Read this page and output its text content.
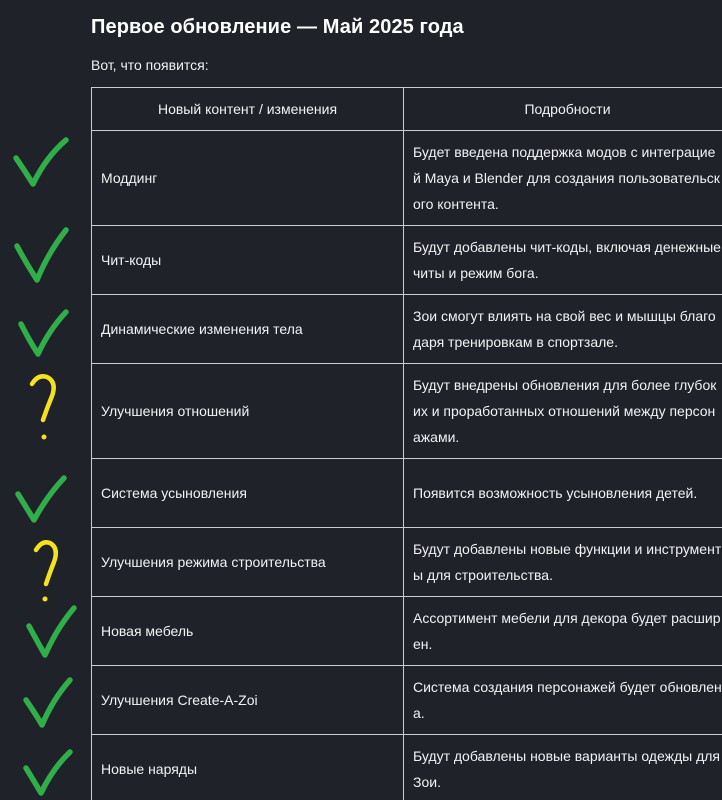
Первое обновление — Май 2025 года
Вот, что появится:
Новый контент / изменения	Подробности
Моддинг	Будет введена поддержка модов с интеграцией Maya и Blender для создания пользовательского контента.
Чит-коды	Будут добавлены чит-коды, включая денежные читы и режим бога.
Динамические изменения тела	Зои смогут влиять на свой вес и мышцы благодаря тренировкам в спортзале.
Улучшения отношений	Будут внедрены обновления для более глубоких и проработанных отношений между персонажами.
Система усыновления	Появится возможность усыновления детей.
Улучшения режима строительства	Будут добавлены новые функции и инструменты для строительства.
Новая мебель	Ассортимент мебели для декора будет расширен.
Улучшения Create-A-Zoi	Система создания персонажей будет обновлена.
Новые наряды	Будут добавлены новые варианты одежды для Зои.
